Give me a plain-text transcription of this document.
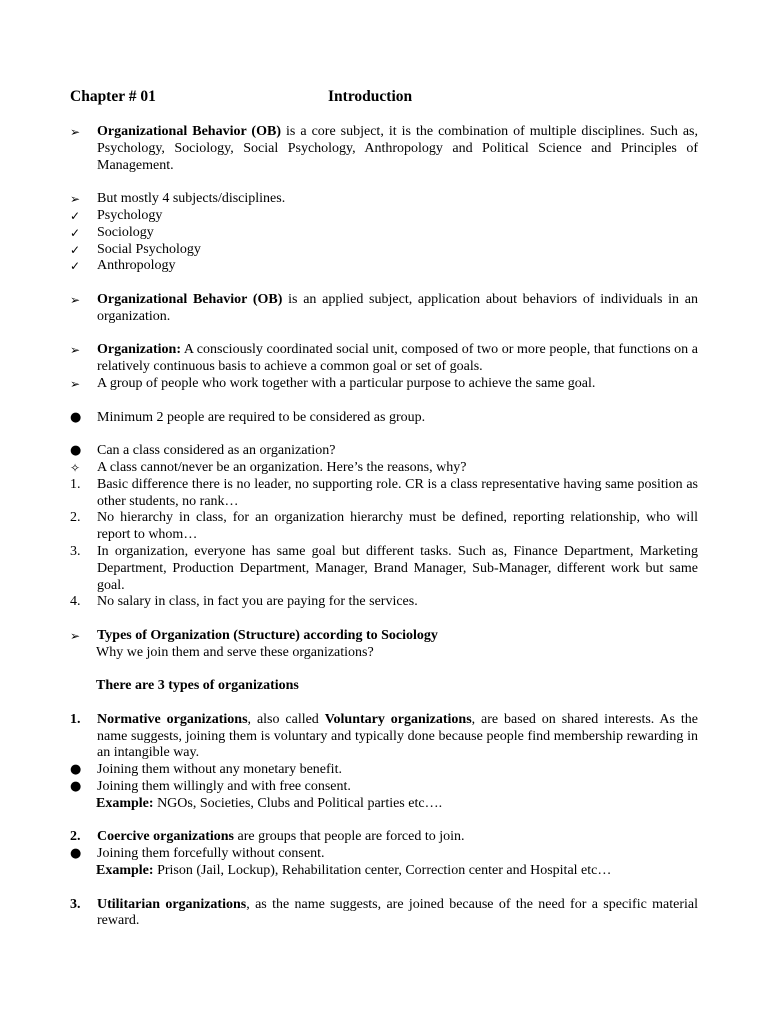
Chapter # 01	Introduction
➢	Organizational Behavior (OB) is a core subject, it is the combination of multiple disciplines. Such as, Psychology, Sociology, Social Psychology, Anthropology and Political Science and Principles of Management.
➢	But mostly 4 subjects/disciplines.
✓	Psychology
✓	Sociology
✓	Social Psychology
✓	Anthropology
➢	Organizational Behavior (OB) is an applied subject, application about behaviors of individuals in an organization.
➢	Organization: A consciously coordinated social unit, composed of two or more people, that functions on a relatively continuous basis to achieve a common goal or set of goals.
➢	A group of people who work together with a particular purpose to achieve the same goal.
●	Minimum 2 people are required to be considered as group.
●	Can a class considered as an organization?
✧	A class cannot/never be an organization. Here’s the reasons, why?
1.	Basic difference there is no leader, no supporting role. CR is a class representative having same position as other students, no rank…
2.	No hierarchy in class, for an organization hierarchy must be defined, reporting relationship, who will report to whom…
3.	In organization, everyone has same goal but different tasks. Such as, Finance Department, Marketing Department, Production Department, Manager, Brand Manager, Sub-Manager, different work but same goal.
4.	No salary in class, in fact you are paying for the services.
➢	Types of Organization (Structure) according to Sociology
Why we join them and serve these organizations?
There are 3 types of organizations
1.	Normative organizations, also called Voluntary organizations, are based on shared interests. As the name suggests, joining them is voluntary and typically done because people find membership rewarding in an intangible way.
●	Joining them without any monetary benefit.
●	Joining them willingly and with free consent.
Example: NGOs, Societies, Clubs and Political parties etc….
2.	Coercive organizations are groups that people are forced to join.
●	Joining them forcefully without consent.
Example: Prison (Jail, Lockup), Rehabilitation center, Correction center and Hospital etc…
3.	Utilitarian organizations, as the name suggests, are joined because of the need for a specific material reward.
